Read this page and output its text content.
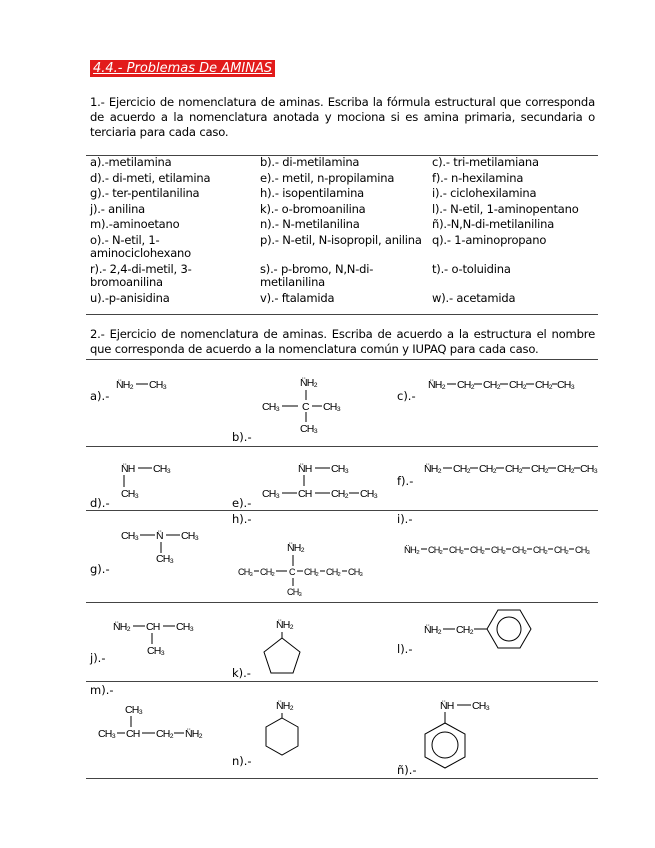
4.4.- Problemas De AMINAS
1.- Ejercicio de nomenclatura de aminas. Escriba la fórmula estructural que corresponda de acuerdo a la nomenclatura anotada y mociona si es amina primaria, secundaria o terciaria para cada caso.
a).-metilamina	b).- di-metilamina	c).- tri-metilamiana
d).- di-meti, etilamina	e).- metil, n-propilamina	f).- n-hexilamina
g).- ter-pentilanilina	h).- isopentilamina	i).- ciclohexilamina
j).- anilina	k).- o-bromoanilina	l).- N-etil, 1-aminopentano
m).-aminoetano	n).- N-metilanilina	ñ).-N,N-di-metilanilina
o).- N-etil, 1-aminociclohexano	p).- N-etil, N-isopropil, anilina	q).- 1-aminopropano
r).- 2,4-di-metil, 3-bromoanilina	s).- p-bromo, N,N-di-metilanilina	t).- o-toluidina
u).-p-anisidina	v).- ftalamida	w).- acetamida
2.- Ejercicio de nomenclatura de aminas. Escriba de acuerdo a la estructura el nombre que corresponda de acuerdo a la nomenclatura común y IUPAQ para cada caso.
a).-
b).-
c).-
d).-	e).-
f).-
g).-
h).-	i).-
j).-
k).-
l).-
m).-
n).-
ñ).-
N̈H₂ CH₃	N̈H₂
CH₃ C CH₃
CH₃
N̈H₂ CH₂ CH₂ CH₂ CH₂ CH₃
N̈H CH₃
CH₃
N̈H CH₃
CH₃ CH CH₂ CH₃
N̈H₂ CH₂ CH₂ CH₂ CH₂ CH₂ CH₃
CH₃ N̈ CH₃
CH₃
N̈H₂
CH₃ CH₂ C CH₂ CH₂ CH₃
CH₃
N̈H₂ CH₂ CH₂ CH₂ CH₂ CH₂ CH₂ CH₂ CH₃
N̈H₂ CH CH₃
CH₃
N̈H₂	N̈H₂ CH₂
CH₃
CH₃ CH CH₂ N̈H₂
N̈H₂	N̈H CH₃
